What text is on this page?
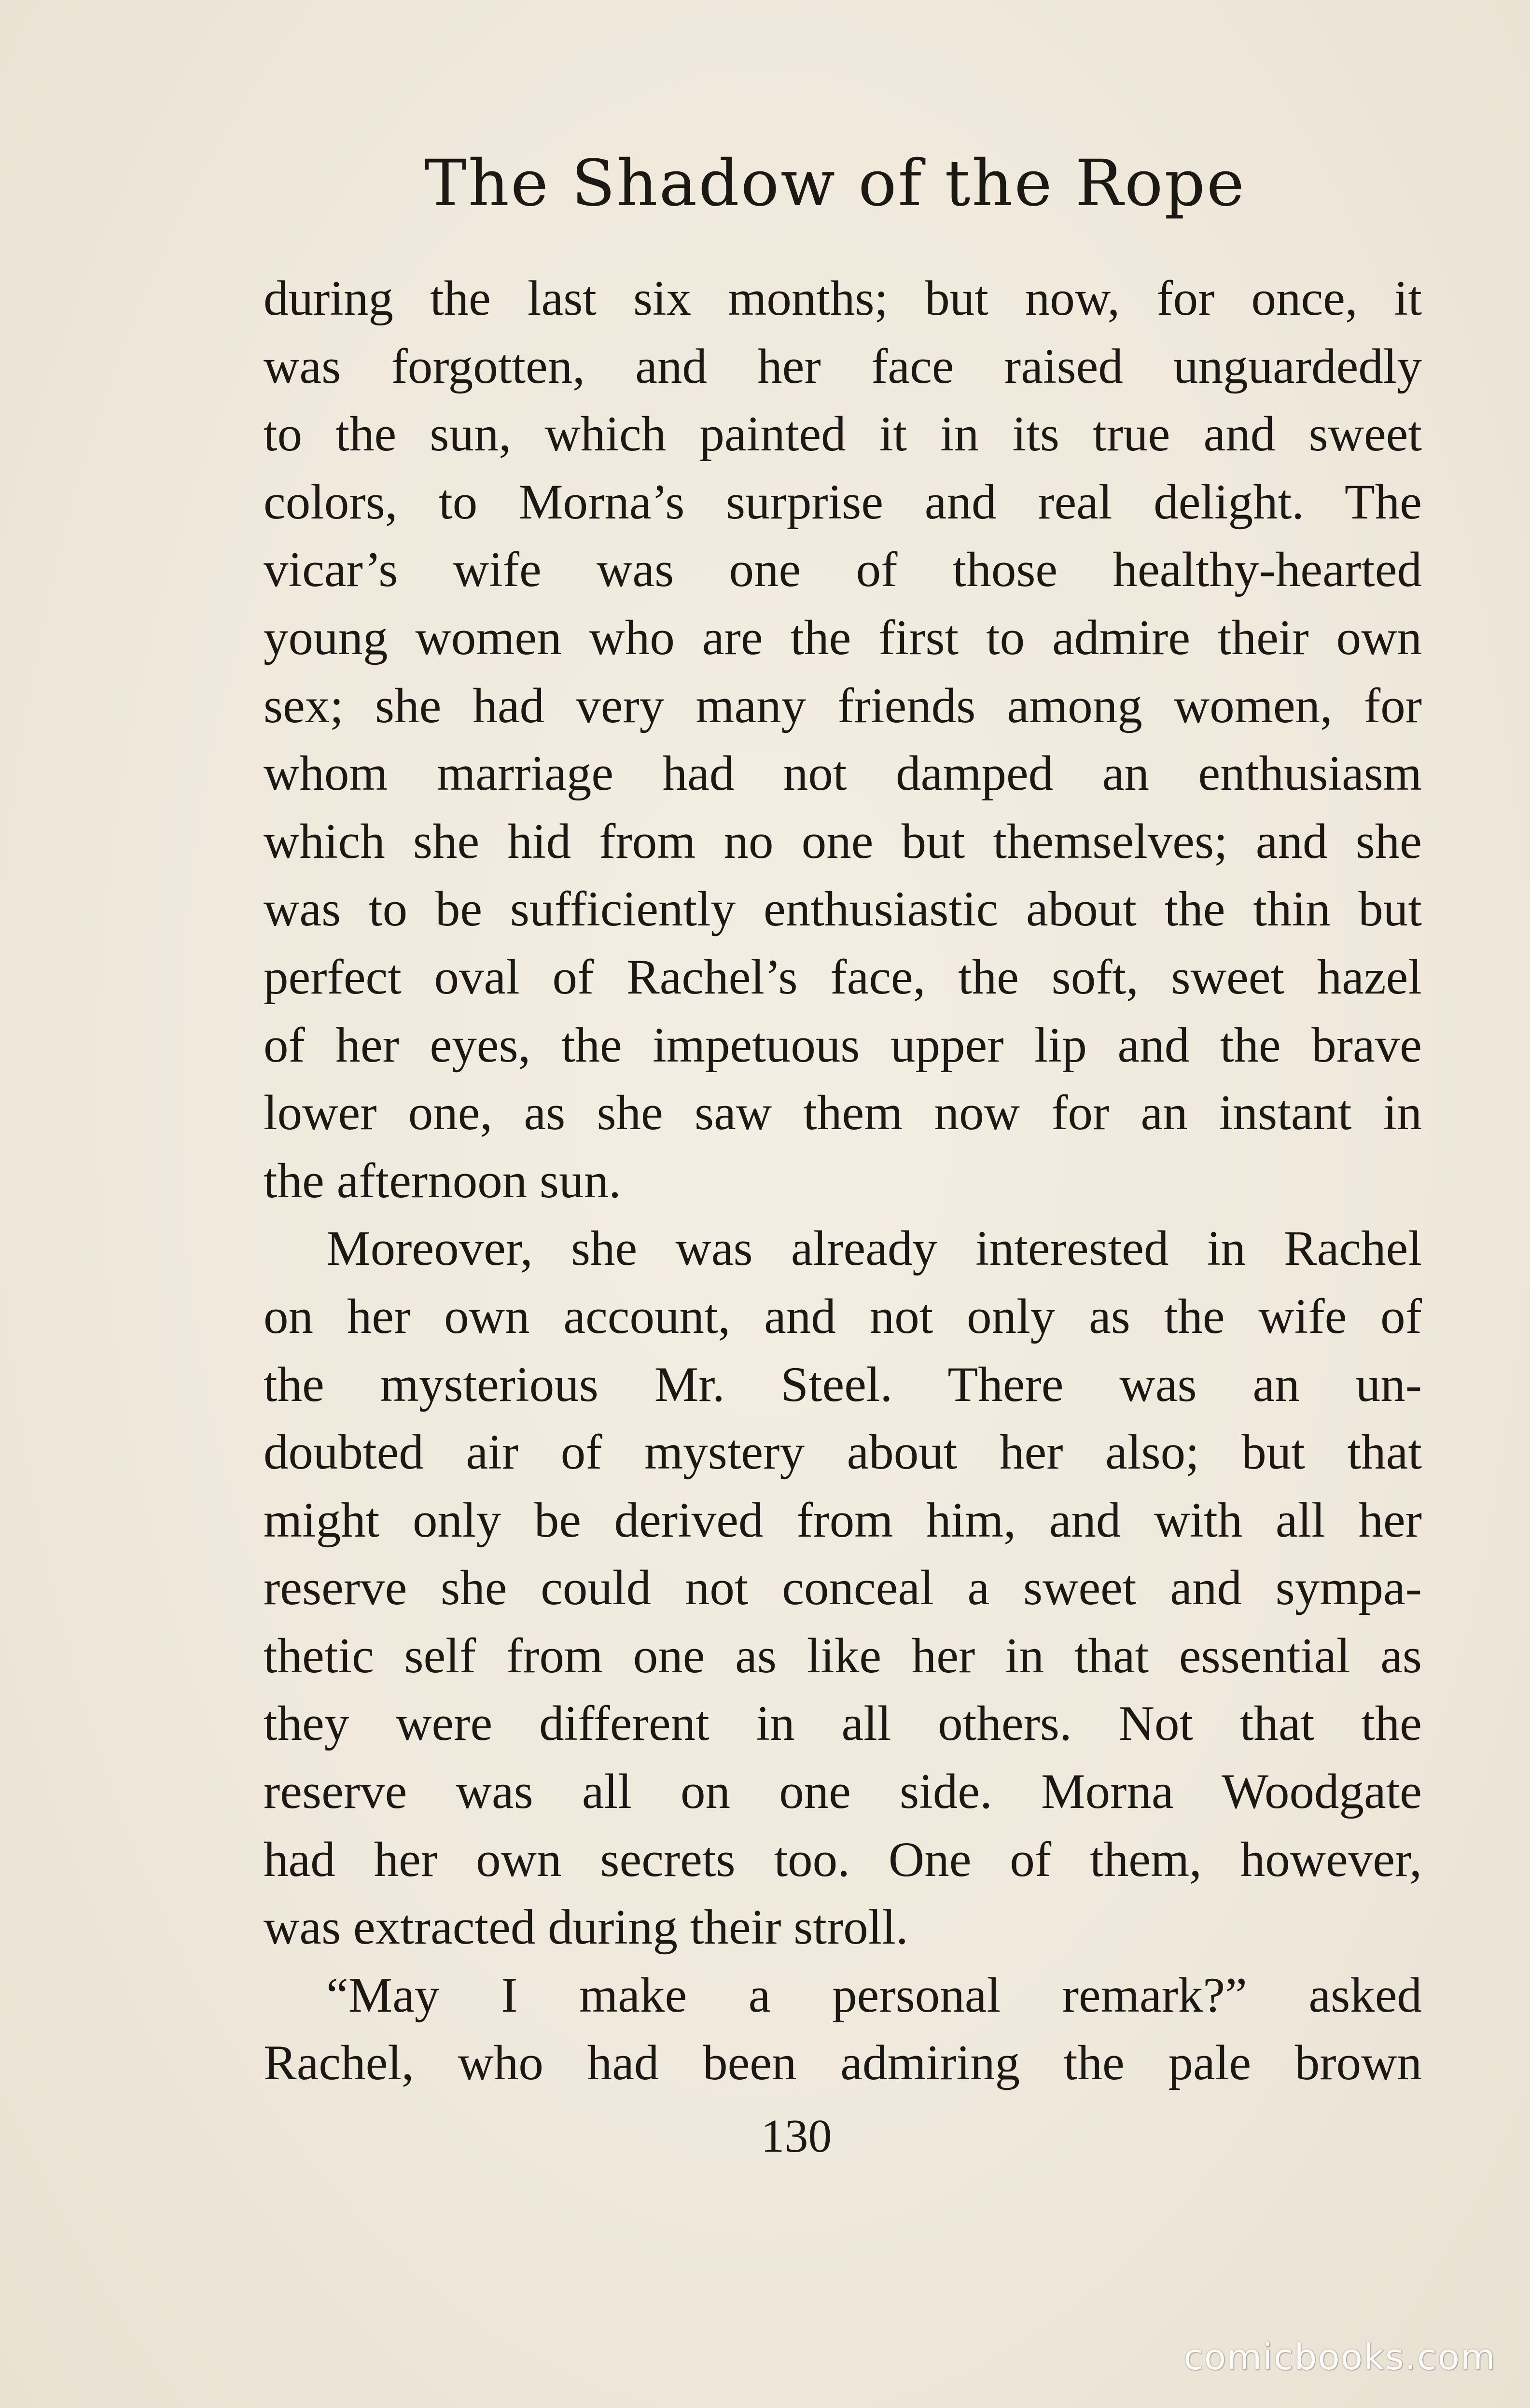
The Shadow of the Rope
during the last six months; but now, for once, it
was forgotten, and her face raised unguardedly
to the sun, which painted it in its true and sweet
colors, to Morna’s surprise and real delight. The
vicar’s wife was one of those healthy-hearted
young women who are the first to admire their own
sex; she had very many friends among women, for
whom marriage had not damped an enthusiasm
which she hid from no one but themselves; and she
was to be sufficiently enthusiastic about the thin but
perfect oval of Rachel’s face, the soft, sweet hazel
of her eyes, the impetuous upper lip and the brave
lower one, as she saw them now for an instant in
the afternoon sun.
Moreover, she was already interested in Rachel
on her own account, and not only as the wife of
the mysterious Mr. Steel. There was an un-
doubted air of mystery about her also; but that
might only be derived from him, and with all her
reserve she could not conceal a sweet and sympa-
thetic self from one as like her in that essential as
they were different in all others. Not that the
reserve was all on one side. Morna Woodgate
had her own secrets too. One of them, however,
was extracted during their stroll.
“May I make a personal remark?” asked
Rachel, who had been admiring the pale brown
130
comicbooks.com
